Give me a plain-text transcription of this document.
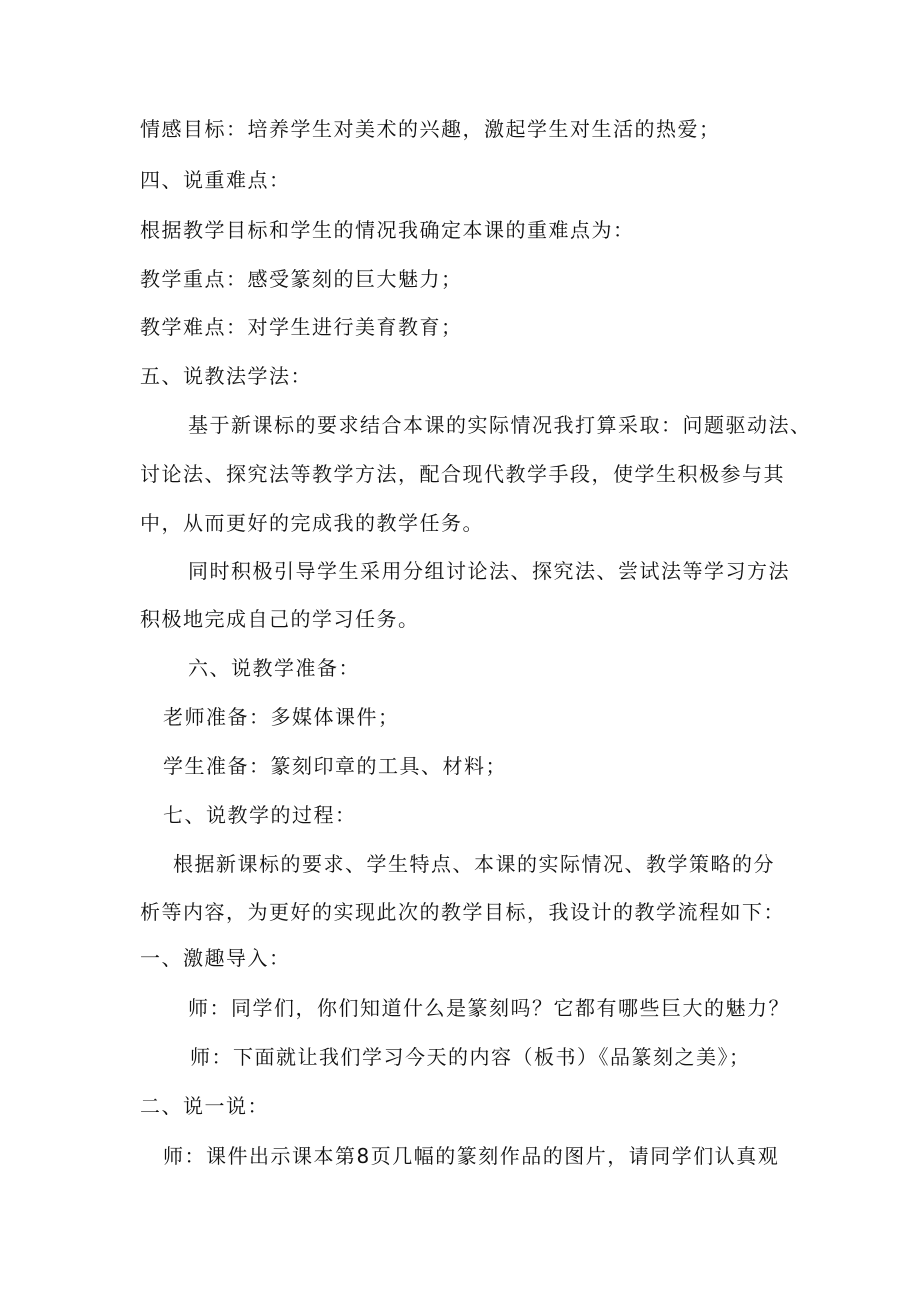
情感目标：培养学生对美术的兴趣，激起学生对生活的热爱；
四、说重难点：
根据教学目标和学生的情况我确定本课的重难点为：
教学重点：感受篆刻的巨大魅力；
教学难点：对学生进行美育教育；
五、说教法学法：
基于新课标的要求结合本课的实际情况我打算采取：问题驱动法、
讨论法、探究法等教学方法，配合现代教学手段，使学生积极参与其
中，从而更好的完成我的教学任务。
同时积极引导学生采用分组讨论法、探究法、尝试法等学习方法
积极地完成自己的学习任务。
六、说教学准备：
老师准备：多媒体课件；
学生准备：篆刻印章的工具、材料；
七、说教学的过程：
根据新课标的要求、学生特点、本课的实际情况、教学策略的分
析等内容，为更好的实现此次的教学目标，我设计的教学流程如下：
一、激趣导入：
师：同学们，你们知道什么是篆刻吗？它都有哪些巨大的魅力？
师：下面就让我们学习今天的内容（板书）《品篆刻之美》；
二、说一说：
师：课件出示课本第8页几幅的篆刻作品的图片，请同学们认真观
